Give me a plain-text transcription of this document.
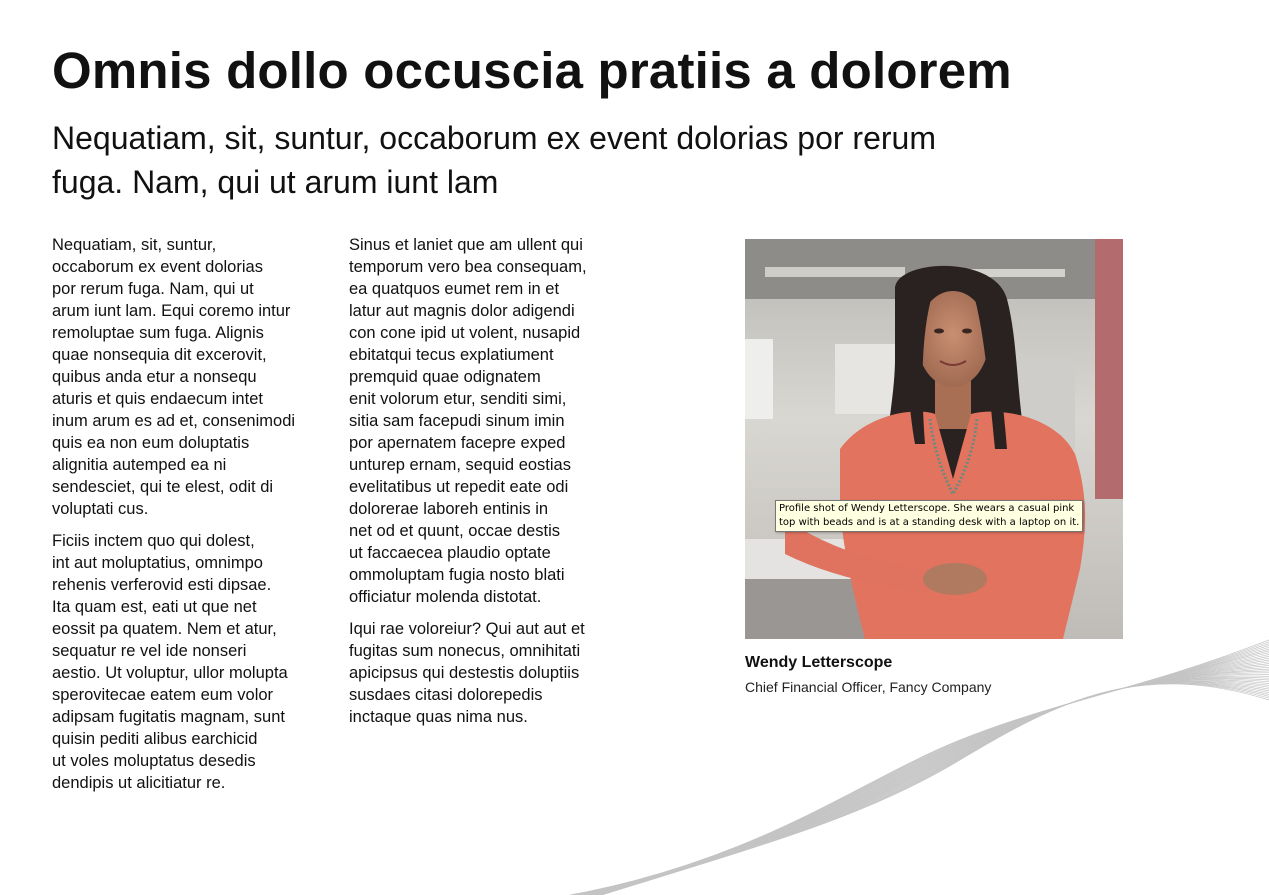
Omnis dollo occuscia pratiis a dolorem
Nequatiam, sit, suntur, occaborum ex event dolorias por rerum fuga. Nam, qui ut arum iunt lam

Nequatiam, sit, suntur,
occaborum ex event dolorias
por rerum fuga. Nam, qui ut
arum iunt lam. Equi coremo intur
remoluptae sum fuga. Alignis
quae nonsequia dit excerovit,
quibus anda etur a nonsequ
aturis et quis endaecum intet
inum arum es ad et, consenimodi
quis ea non eum doluptatis
alignitia autemped ea ni
sendesciet, qui te elest, odit di
voluptati cus.

Ficiis inctem quo qui dolest,
int aut moluptatius, omnimpo
rehenis verferovid esti dipsae.
Ita quam est, eati ut que net
eossit pa quatem. Nem et atur,
sequatur re vel ide nonseri
aestio. Ut voluptur, ullor molupta
sperovitecae eatem eum volor
adipsam fugitatis magnam, sunt
quisin pediti alibus earchicid
ut voles moluptatus desedis
dendipis ut alicitiatur re.

Sinus et laniet que am ullent qui
temporum vero bea consequam,
ea quatquos eumet rem in et
latur aut magnis dolor adigendi
con cone ipid ut volent, nusapid
ebitatqui tecus explatiument
premquid quae odignatem
enit volorum etur, senditi simi,
sitia sam facepudi sinum imin
por apernatem facepre exped
unturep ernam, sequid eostias
evelitatibus ut repedit eate odi
dolorerae laboreh entinis in
net od et quunt, occae destis
ut faccaecea plaudio optate
ommoluptam fugia nosto blati
officiatur molenda distotat.

Iqui rae voloreiur? Qui aut aut et
fugitas sum nonecus, omnihitati
apicipsus qui destestis doluptiis
susdaes citasi dolorepedis
inctaque quas nima nus.

Profile shot of Wendy Letterscope. She wears a casual pink
top with beads and is at a standing desk with a laptop on it.
Wendy Letterscope
Chief Financial Officer, Fancy Company
